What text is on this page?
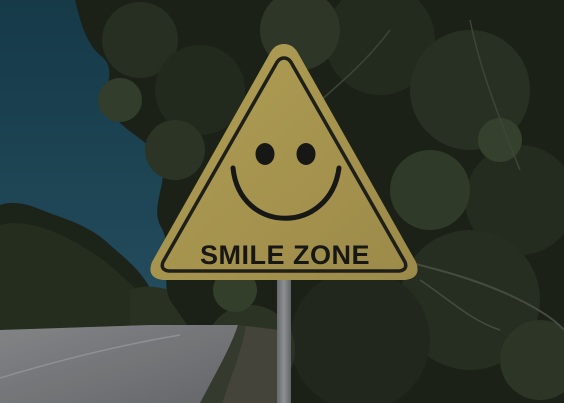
SMILE ZONE
